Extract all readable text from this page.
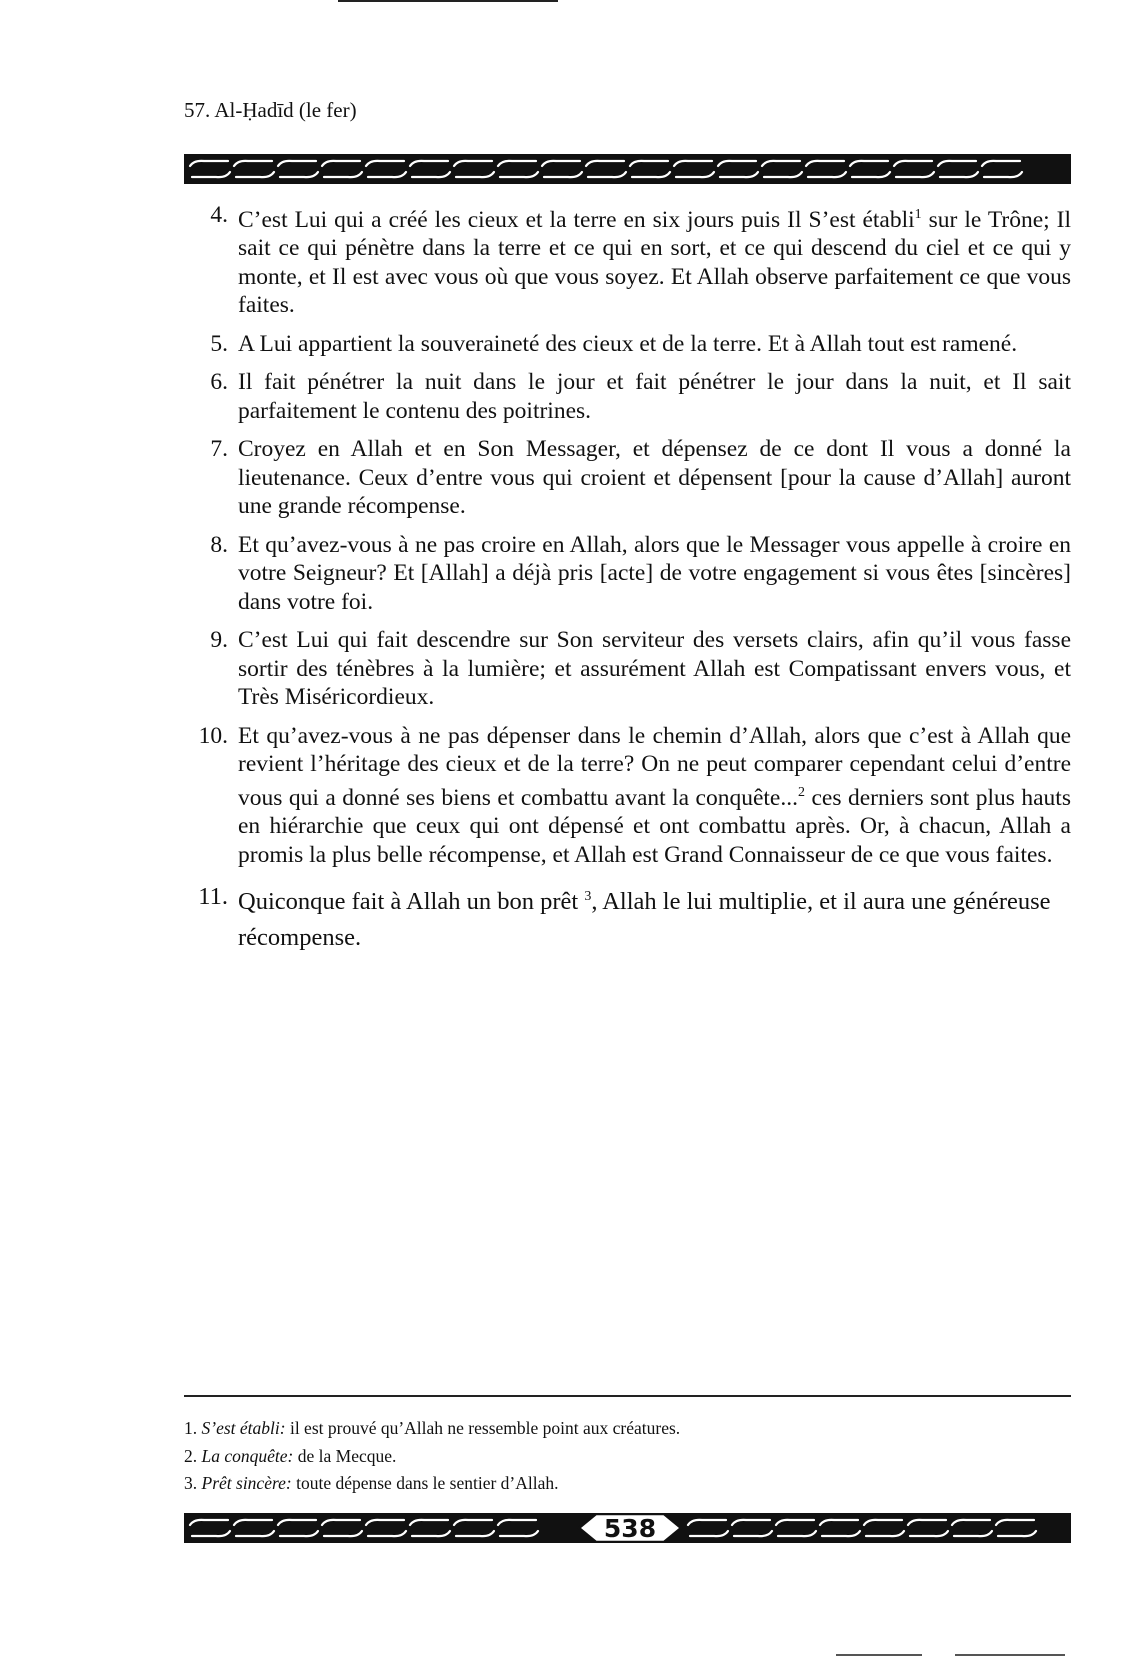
57. Al-Ḥadīd (le fer)
4. C’est Lui qui a créé les cieux et la terre en six jours puis Il S’est établi$^1$ sur le Trône; Il sait ce qui pénètre dans la terre et ce qui en sort, et ce qui descend du ciel et ce qui y monte, et Il est avec vous où que vous soyez. Et Allah observe parfaitement ce que vous faites.
5. A Lui appartient la souveraineté des cieux et de la terre. Et à Allah tout est ramené.
6. Il fait pénétrer la nuit dans le jour et fait pénétrer le jour dans la nuit, et Il sait parfaitement le contenu des poitrines.
7. Croyez en Allah et en Son Messager, et dépensez de ce dont Il vous a donné la lieutenance. Ceux d’entre vous qui croient et dépensent [pour la cause d’Allah] auront une grande récompense.
8. Et qu’avez-vous à ne pas croire en Allah, alors que le Messager vous appelle à croire en votre Seigneur? Et [Allah] a déjà pris [acte] de votre engagement si vous êtes [sincères] dans votre foi.
9. C’est Lui qui fait descendre sur Son serviteur des versets clairs, afin qu’il vous fasse sortir des ténèbres à la lumière; et assurément Allah est Compatissant envers vous, et Très Miséricordieux.
10. Et qu’avez-vous à ne pas dépenser dans le chemin d’Allah, alors que c’est à Allah que revient l’héritage des cieux et de la terre? On ne peut comparer cependant celui d’entre vous qui a donné ses biens et combattu avant la conquête...$^2$ ces derniers sont plus hauts en hiérarchie que ceux qui ont dépensé et ont combattu après. Or, à chacun, Allah a promis la plus belle récompense, et Allah est Grand Connaisseur de ce que vous faites.
11. Quiconque fait à Allah un bon prêt $^3$, Allah le lui multiplie, et il aura une généreuse récompense.
1. S’est établi: il est prouvé qu’Allah ne ressemble point aux créatures.
2. La conquête: de la Mecque.
3. Prêt sincère: toute dépense dans le sentier d’Allah.
538
